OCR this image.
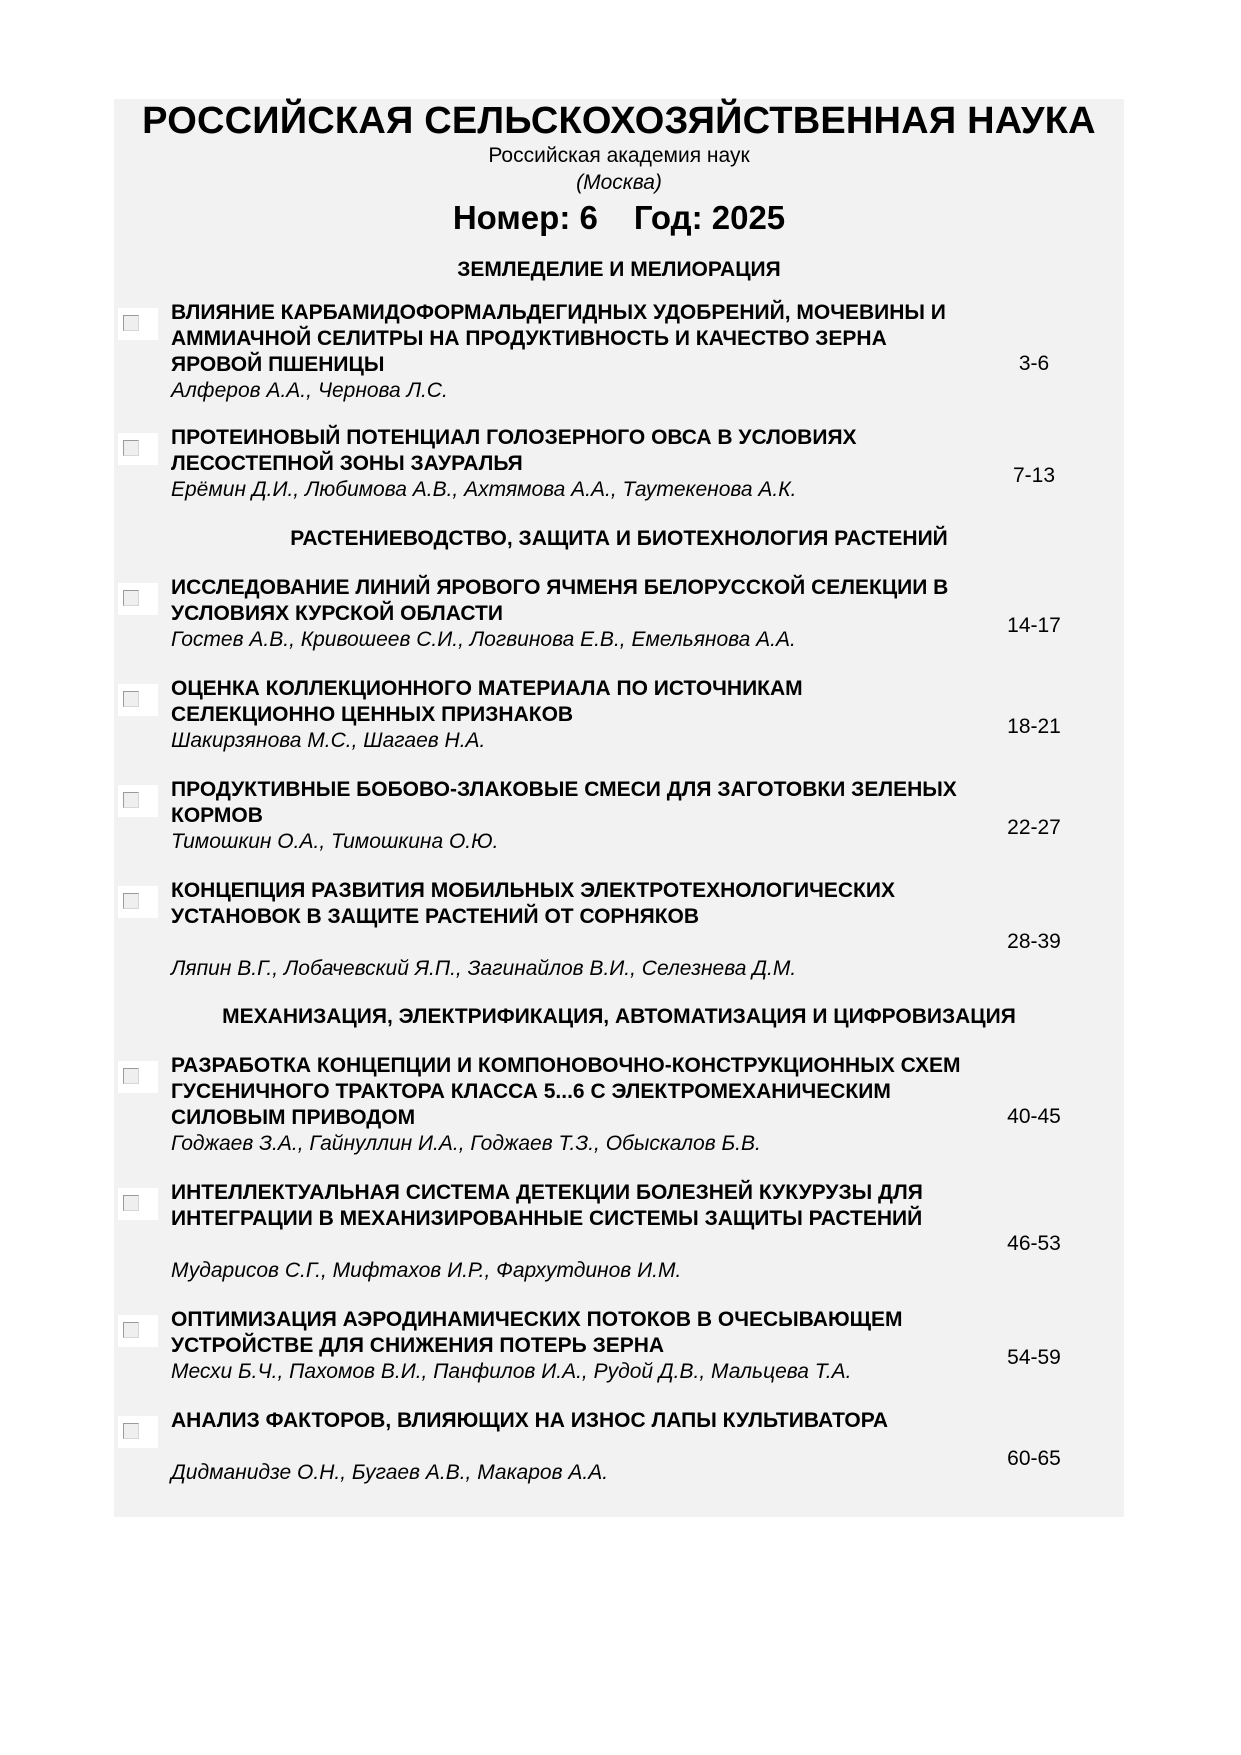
РОССИЙСКАЯ СЕЛЬСКОХОЗЯЙСТВЕННАЯ НАУКА
Российская академия наук
(Москва)
Номер: 6 Год: 2025
ЗЕМЛЕДЕЛИЕ И МЕЛИОРАЦИЯ
ВЛИЯНИЕ КАРБАМИДОФОРМАЛЬДЕГИДНЫХ УДОБРЕНИЙ, МОЧЕВИНЫ И АММИАЧНОЙ СЕЛИТРЫ НА ПРОДУКТИВНОСТЬ И КАЧЕСТВО ЗЕРНА ЯРОВОЙ ПШЕНИЦЫ
Алферов А.А., Чернова Л.С.
3-6
ПРОТЕИНОВЫЙ ПОТЕНЦИАЛ ГОЛОЗЕРНОГО ОВСА В УСЛОВИЯХ ЛЕСОСТЕПНОЙ ЗОНЫ ЗАУРАЛЬЯ
Ерёмин Д.И., Любимова А.В., Ахтямова А.А., Таутекенова А.К.
7-13
РАСТЕНИЕВОДСТВО, ЗАЩИТА И БИОТЕХНОЛОГИЯ РАСТЕНИЙ
ИССЛЕДОВАНИЕ ЛИНИЙ ЯРОВОГО ЯЧМЕНЯ БЕЛОРУССКОЙ СЕЛЕКЦИИ В УСЛОВИЯХ КУРСКОЙ ОБЛАСТИ
Гостев А.В., Кривошеев С.И., Логвинова Е.В., Емельянова А.А.
14-17
ОЦЕНКА КОЛЛЕКЦИОННОГО МАТЕРИАЛА ПО ИСТОЧНИКАМ СЕЛЕКЦИОННО ЦЕННЫХ ПРИЗНАКОВ
Шакирзянова М.С., Шагаев Н.А.
18-21
ПРОДУКТИВНЫЕ БОБОВО-ЗЛАКОВЫЕ СМЕСИ ДЛЯ ЗАГОТОВКИ ЗЕЛЕНЫХ КОРМОВ
Тимошкин О.А., Тимошкина О.Ю.
22-27
КОНЦЕПЦИЯ РАЗВИТИЯ МОБИЛЬНЫХ ЭЛЕКТРОТЕХНОЛОГИЧЕСКИХ УСТАНОВОК В ЗАЩИТЕ РАСТЕНИЙ ОТ СОРНЯКОВ
Ляпин В.Г., Лобачевский Я.П., Загинайлов В.И., Селезнева Д.М.
28-39
МЕХАНИЗАЦИЯ, ЭЛЕКТРИФИКАЦИЯ, АВТОМАТИЗАЦИЯ И ЦИФРОВИЗАЦИЯ
РАЗРАБОТКА КОНЦЕПЦИИ И КОМПОНОВОЧНО-КОНСТРУКЦИОННЫХ СХЕМ ГУСЕНИЧНОГО ТРАКТОРА КЛАССА 5...6 С ЭЛЕКТРОМЕХАНИЧЕСКИМ СИЛОВЫМ ПРИВОДОМ
Годжаев З.А., Гайнуллин И.А., Годжаев Т.З., Обыскалов Б.В.
40-45
ИНТЕЛЛЕКТУАЛЬНАЯ СИСТЕМА ДЕТЕКЦИИ БОЛЕЗНЕЙ КУКУРУЗЫ ДЛЯ ИНТЕГРАЦИИ В МЕХАНИЗИРОВАННЫЕ СИСТЕМЫ ЗАЩИТЫ РАСТЕНИЙ
Мударисов С.Г., Мифтахов И.Р., Фархутдинов И.М.
46-53
ОПТИМИЗАЦИЯ АЭРОДИНАМИЧЕСКИХ ПОТОКОВ В ОЧЕСЫВАЮЩЕМ УСТРОЙСТВЕ ДЛЯ СНИЖЕНИЯ ПОТЕРЬ ЗЕРНА
Месхи Б.Ч., Пахомов В.И., Панфилов И.А., Рудой Д.В., Мальцева Т.А.
54-59
АНАЛИЗ ФАКТОРОВ, ВЛИЯЮЩИХ НА ИЗНОС ЛАПЫ КУЛЬТИВАТОРА
Дидманидзе О.Н., Бугаев А.В., Макаров А.А.
60-65
